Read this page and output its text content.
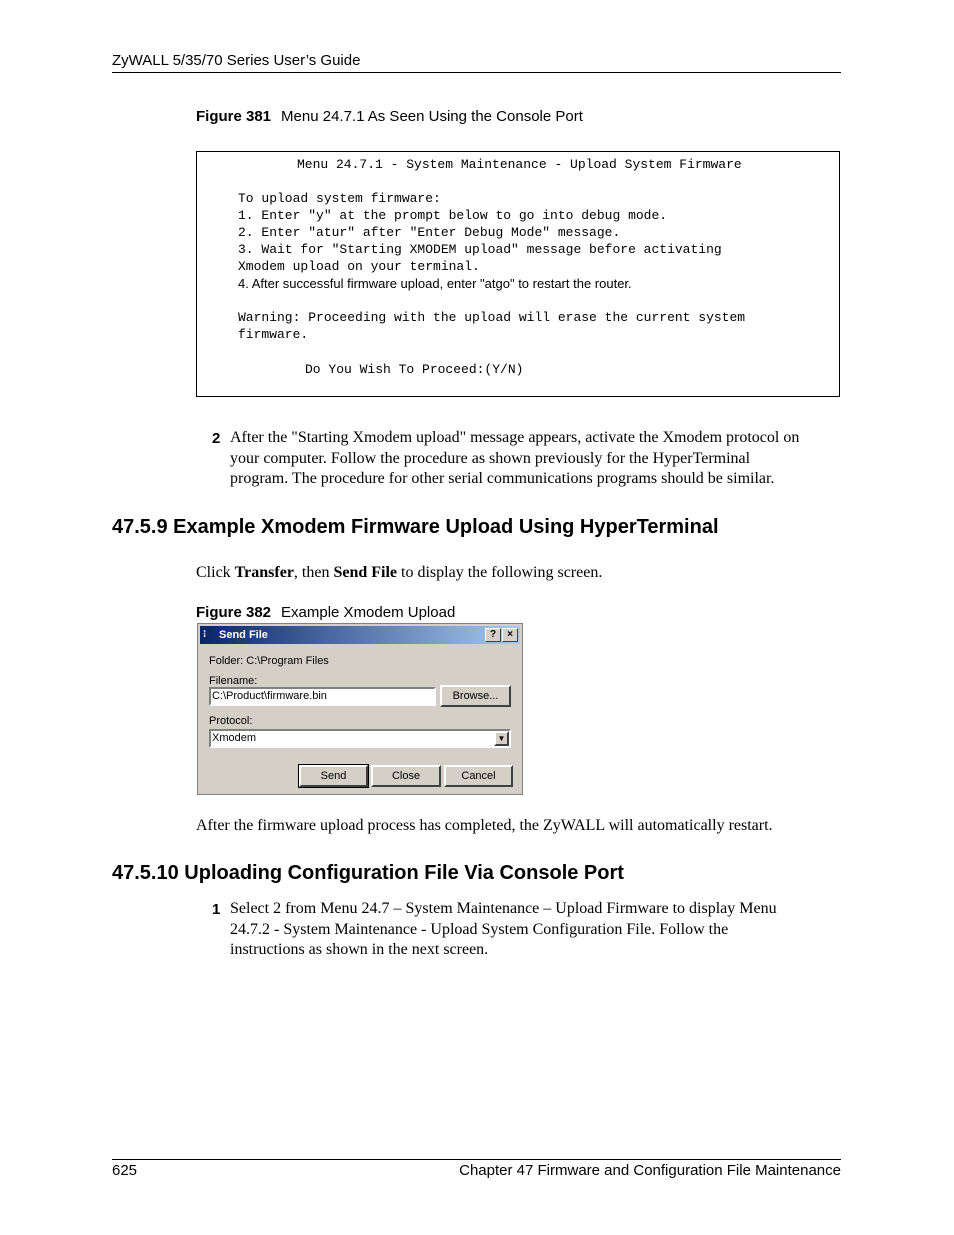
ZyWALL 5/35/70 Series User’s Guide
Figure 381 Menu 24.7.1 As Seen Using the Console Port
Menu 24.7.1 - System Maintenance - Upload System Firmware
To upload system firmware:
1. Enter "y" at the prompt below to go into debug mode.
2. Enter "atur" after "Enter Debug Mode" message.
3. Wait for "Starting XMODEM upload" message before activating
Xmodem upload on your terminal.
4. After successful firmware upload, enter "atgo" to restart the router.
Warning: Proceeding with the upload will erase the current system
firmware.
Do You Wish To Proceed:(Y/N)
2 After the "Starting Xmodem upload" message appears, activate the Xmodem protocol on
your computer. Follow the procedure as shown previously for the HyperTerminal
program. The procedure for other serial communications programs should be similar.
47.5.9 Example Xmodem Firmware Upload Using HyperTerminal
Click Transfer, then Send File to display the following screen.
Figure 382 Example Xmodem Upload
⁝	Send File	?	×
Folder: C:\Program Files
Filename:
C:\Product\firmware.bin	Browse...
Protocol:
Xmodem	▼
Send	Close	Cancel
After the firmware upload process has completed, the ZyWALL will automatically restart.
47.5.10 Uploading Configuration File Via Console Port
1 Select 2 from Menu 24.7 – System Maintenance – Upload Firmware to display Menu
24.7.2 - System Maintenance - Upload System Configuration File. Follow the
instructions as shown in the next screen.
625	Chapter 47 Firmware and Configuration File Maintenance
